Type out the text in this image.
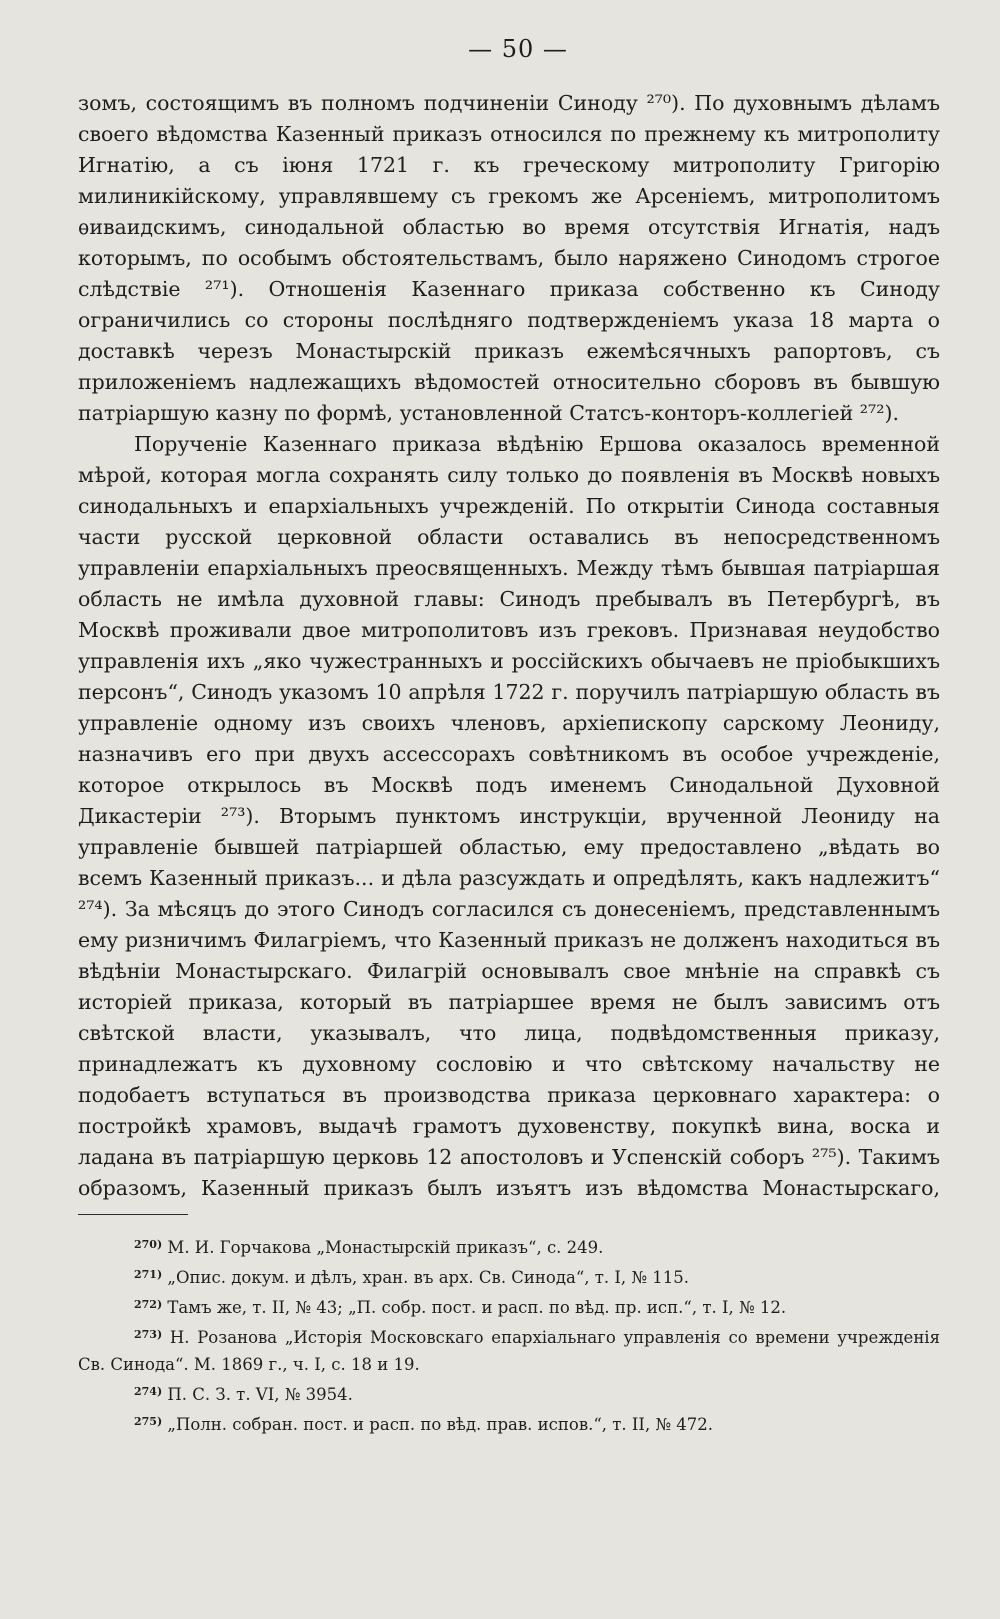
— 50 —

зомъ, состоящимъ въ полномъ подчиненіи Синоду ²⁷⁰). По духовнымъ дѣламъ своего вѣдомства Казенный приказъ относился по прежнему къ митрополиту Игнатію, а съ іюня 1721 г. къ греческому митрополиту Григорію милиникійскому, управлявшему съ грекомъ же Арсеніемъ, митрополитомъ ѳиваидскимъ, синодальной областью во время отсутствія Игнатія, надъ которымъ, по особымъ обстоятельствамъ, было наряжено Синодомъ строгое слѣдствіе ²⁷¹). Отношенія Казеннаго приказа собственно къ Синоду ограничились со стороны послѣдняго подтвержденіемъ указа 18 марта о доставкѣ черезъ Монастырскій приказъ ежемѣсячныхъ рапортовъ, съ приложеніемъ надлежащихъ вѣдомостей относительно сборовъ въ бывшую патріаршую казну по формѣ, установленной Статсъ-конторъ-коллегіей ²⁷²).

Порученіе Казеннаго приказа вѣдѣнію Ершова оказалось временной мѣрой, которая могла сохранять силу только до появленія въ Москвѣ новыхъ синодальныхъ и епархіальныхъ учрежденій. По открытіи Синода составныя части русской церковной области оставались въ непосредственномъ управленіи епархіальныхъ преосвященныхъ. Между тѣмъ бывшая патріаршая область не имѣла духовной главы: Синодъ пребывалъ въ Петербургѣ, въ Москвѣ проживали двое митрополитовъ изъ грековъ. Признавая неудобство управленія ихъ „яко чужестранныхъ и россійскихъ обычаевъ не пріобыкшихъ персонъ“, Синодъ указомъ 10 апрѣля 1722 г. поручилъ патріаршую область въ управленіе одному изъ своихъ членовъ, архіепископу сарскому Леониду, назначивъ его при двухъ ассессорахъ совѣтникомъ въ особое учрежденіе, которое открылось въ Москвѣ подъ именемъ Синодальной Духовной Дикастеріи ²⁷³). Вторымъ пунктомъ инструкціи, врученной Леониду на управленіе бывшей патріаршей областью, ему предоставлено „вѣдать во всемъ Казенный приказъ... и дѣла разсуждать и опредѣлять, какъ надлежитъ“ ²⁷⁴). За мѣсяцъ до этого Синодъ согласился съ донесеніемъ, представленнымъ ему ризничимъ Филагріемъ, что Казенный приказъ не долженъ находиться въ вѣдѣніи Монастырскаго. Филагрій основывалъ свое мнѣніе на справкѣ съ исторіей приказа, который въ патріаршее время не былъ зависимъ отъ свѣтской власти, указывалъ, что лица, подвѣдомственныя приказу, принадлежатъ къ духовному сословію и что свѣтскому начальству не подобаетъ вступаться въ производства приказа церковнаго характера: о постройкѣ храмовъ, выдачѣ грамотъ духовенству, покупкѣ вина, воска и ладана въ патріаршую церковь 12 апостоловъ и Успенскій соборъ ²⁷⁵). Такимъ образомъ, Казенный приказъ былъ изъятъ изъ вѣдомства Монастырскаго,

$^{270)}$ М. И. Горчакова „Монастырскій приказъ“, с. 249.

$^{271)}$ „Опис. докум. и дѣлъ, хран. въ арх. Св. Синода“, т. I, № 115.

$^{272)}$ Тамъ же, т. II, № 43; „П. собр. пост. и расп. по вѣд. пр. исп.“, т. I, № 12.

$^{273)}$ Н. Розанова „Исторія Московскаго епархіальнаго управленія со времени учрежденія Св. Синода“. М. 1869 г., ч. I, с. 18 и 19.

$^{274)}$ П. С. З. т. VI, № 3954.

$^{275)}$ „Полн. собран. пост. и расп. по вѣд. прав. испов.“, т. II, № 472.
